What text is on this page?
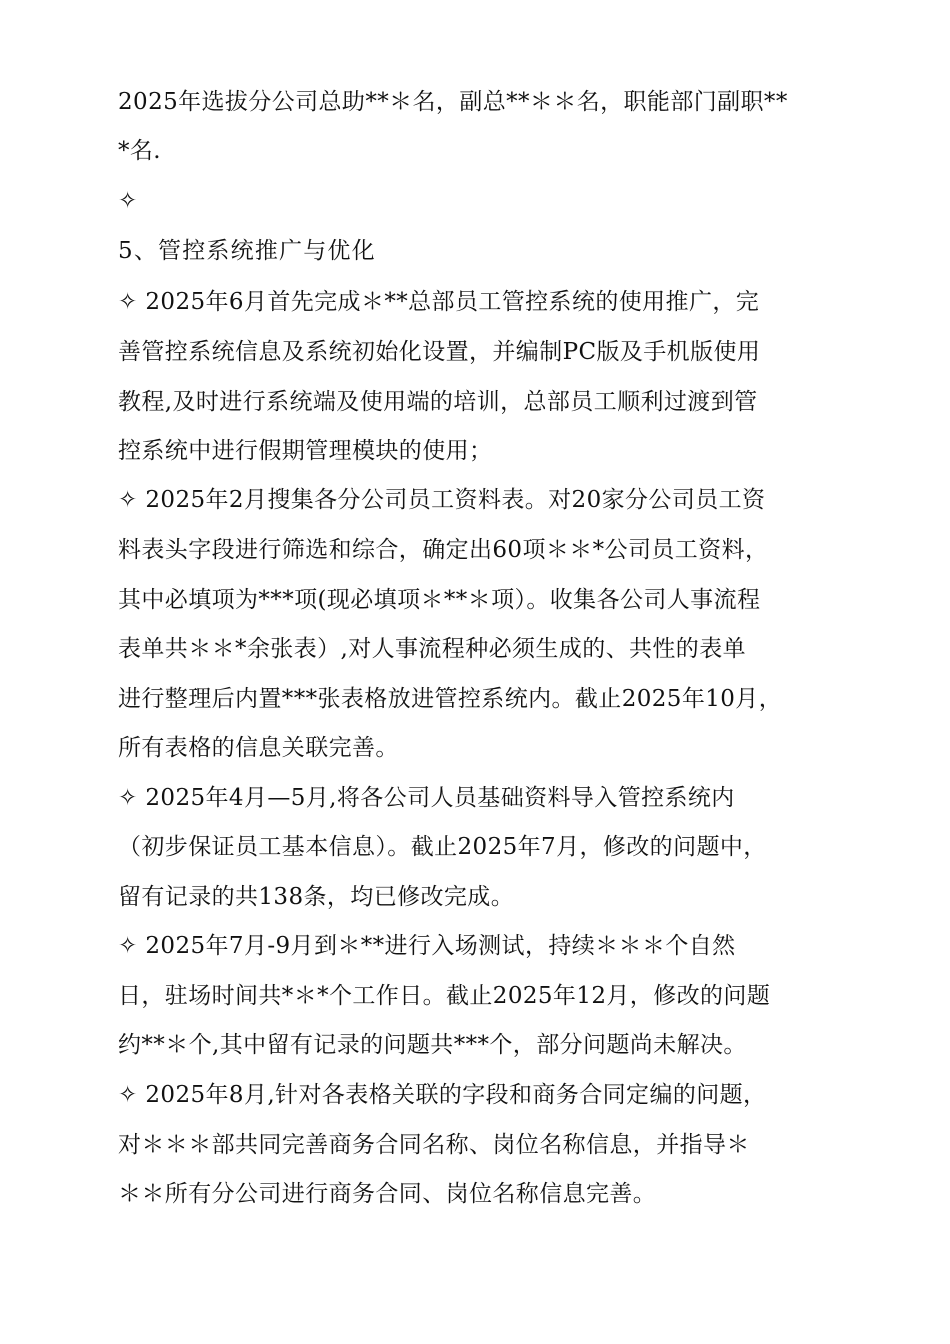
2025年选拔分公司总助**＊名，副总**＊＊名，职能部门副职**
*名.
✧
5、管控系统推广与优化
✧ 2025年6月首先完成＊**总部员工管控系统的使用推广，完
善管控系统信息及系统初始化设置，并编制PC版及手机版使用
教程,及时进行系统端及使用端的培训，总部员工顺利过渡到管
控系统中进行假期管理模块的使用；
✧ 2025年2月搜集各分公司员工资料表。对20家分公司员工资
料表头字段进行筛选和综合，确定出60项＊＊*公司员工资料，
其中必填项为***项(现必填项＊**＊项）。收集各公司人事流程
表单共＊＊*余张表）,对人事流程种必须生成的、共性的表单
进行整理后内置***张表格放进管控系统内。截止2025年10月，
所有表格的信息关联完善。
✧ 2025年4月—5月,将各公司人员基础资料导入管控系统内
（初步保证员工基本信息）。截止2025年7月，修改的问题中，
留有记录的共138条，均已修改完成。
✧ 2025年7月-9月到＊**进行入场测试，持续＊＊＊个自然
日，驻场时间共*＊*个工作日。截止2025年12月，修改的问题
约**＊个,其中留有记录的问题共***个，部分问题尚未解决。
✧ 2025年8月,针对各表格关联的字段和商务合同定编的问题，
对＊＊＊部共同完善商务合同名称、岗位名称信息，并指导＊
＊＊所有分公司进行商务合同、岗位名称信息完善。
